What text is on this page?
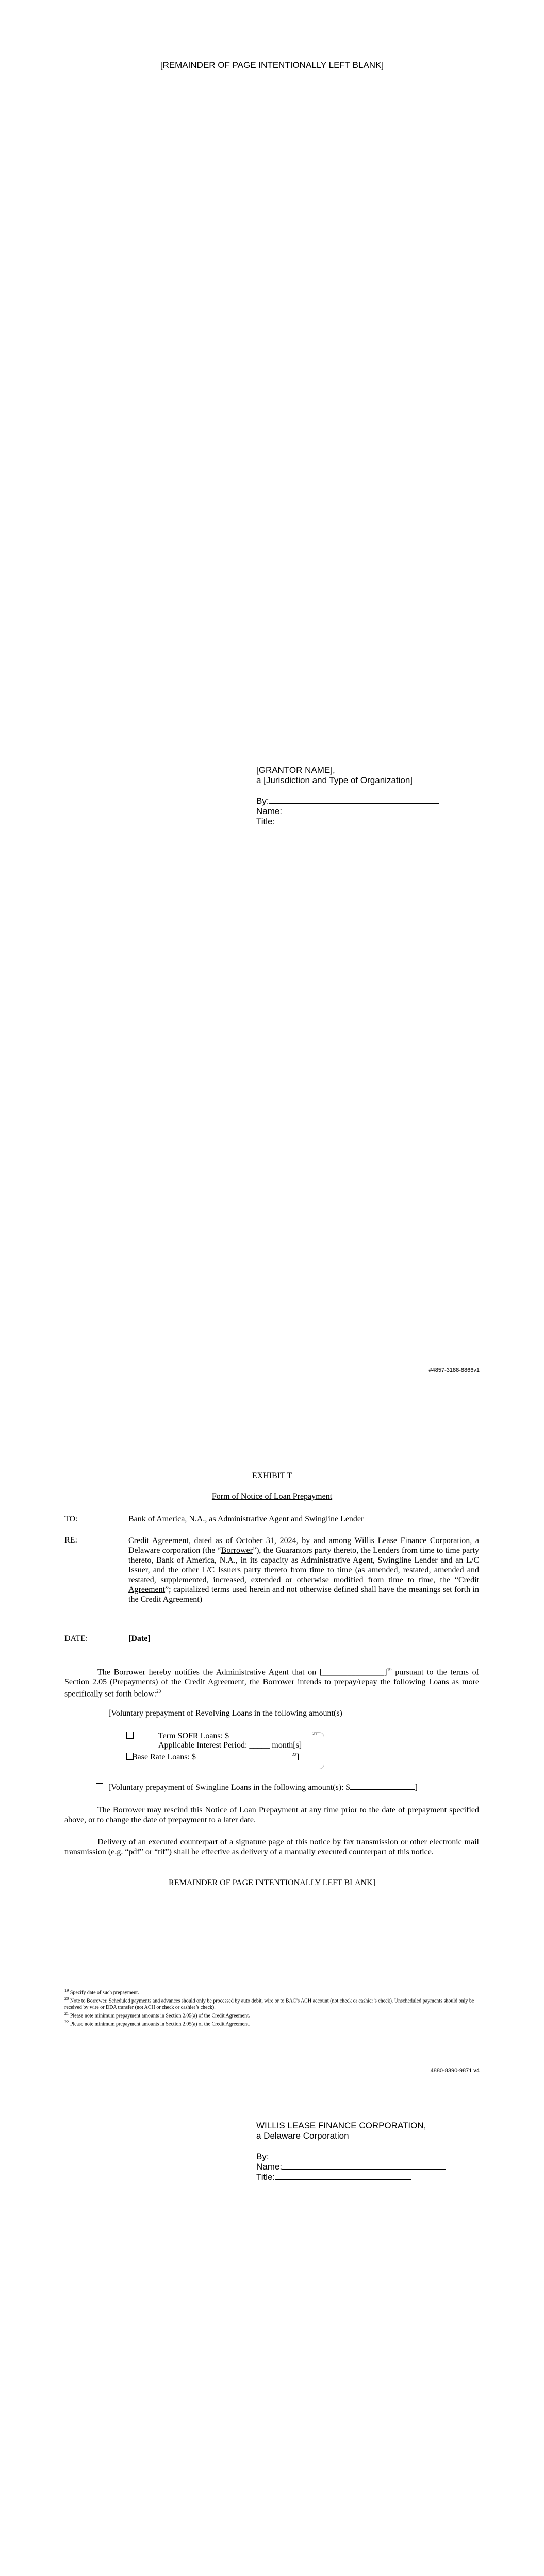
[REMAINDER OF PAGE INTENTIONALLY LEFT BLANK]
[GRANTOR NAME],
a [Jurisdiction and Type of Organization]
By:
Name:
Title:
#4857-3188-8866v1
EXHIBIT T
Form of Notice of Loan Prepayment
TO:	Bank of America, N.A., as Administrative Agent and Swingline Lender
RE:	Credit Agreement, dated as of October 31, 2024, by and among Willis Lease Finance Corporation, a Delaware corporation (the “Borrower”), the Guarantors party thereto, the Lenders from time to time party thereto, Bank of America, N.A., in its capacity as Administrative Agent, Swingline Lender and an L/C Issuer, and the other L/C Issuers party thereto from time to time (as amended, restated, amended and restated, supplemented, increased, extended or otherwise modified from time to time, the “Credit Agreement”; capitalized terms used herein and not otherwise defined shall have the meanings set forth in the Credit Agreement)

DATE:	[Date]

The Borrower hereby notifies the Administrative Agent that on [_______________]$^{19}$ pursuant to the terms of Section 2.05 (Prepayments) of the Credit Agreement, the Borrower intends to prepay/repay the following Loans as more specifically set forth below:$^{20}$

[Voluntary prepayment of Revolving Loans in the following amount(s)
Term SOFR Loans: $	$^{21}$
Applicable Interest Period: _____ month[s]
Base Rate Loans: $	$^{22}$]
[Voluntary prepayment of Swingline Loans in the following amount(s): $	]

The Borrower may rescind this Notice of Loan Prepayment at any time prior to the date of prepayment specified above, or to change the date of prepayment to a later date.

Delivery of an executed counterpart of a signature page of this notice by fax transmission or other electronic mail transmission (e.g. “pdf” or “tif”) shall be effective as delivery of a manually executed counterpart of this notice.

REMAINDER OF PAGE INTENTIONALLY LEFT BLANK]

$^{19}$ Specify date of such prepayment.

$^{20}$ Note to Borrower. Scheduled payments and advances should only be processed by auto debit, wire or to BAC’s ACH account (not check or cashier’s check). Unscheduled payments should only be received by wire or DDA transfer (not ACH or check or cashier’s check).

$^{21}$ Please note minimum prepayment amounts in Section 2.05(a) of the Credit Agreement.

$^{22}$ Please note minimum prepayment amounts in Section 2.05(a) of the Credit Agreement.

4880-8390-9871 v4
WILLIS LEASE FINANCE CORPORATION,
a Delaware Corporation
By:
Name:
Title:
